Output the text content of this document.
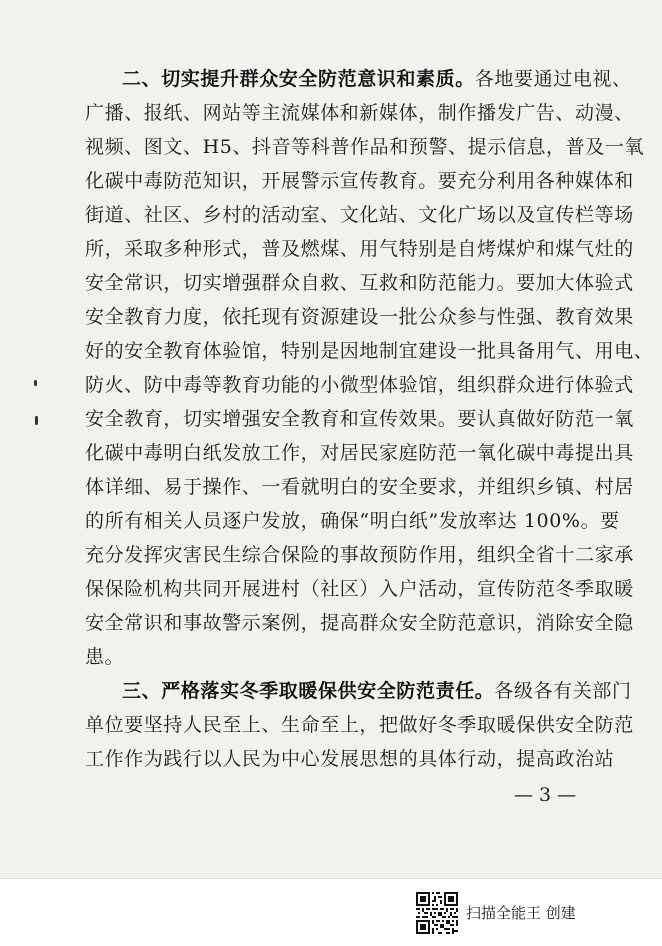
二、切实提升群众安全防范意识和素质。各地要通过电视、
广播、报纸、网站等主流媒体和新媒体，制作播发广告、动漫、
视频、图文、H5、抖音等科普作品和预警、提示信息，普及一氧
化碳中毒防范知识，开展警示宣传教育。要充分利用各种媒体和
街道、社区、乡村的活动室、文化站、文化广场以及宣传栏等场
所，采取多种形式，普及燃煤、用气特别是自烤煤炉和煤气灶的
安全常识，切实增强群众自救、互救和防范能力。要加大体验式
安全教育力度，依托现有资源建设一批公众参与性强、教育效果
好的安全教育体验馆，特别是因地制宜建设一批具备用气、用电、
防火、防中毒等教育功能的小微型体验馆，组织群众进行体验式
安全教育，切实增强安全教育和宣传效果。要认真做好防范一氧
化碳中毒明白纸发放工作，对居民家庭防范一氧化碳中毒提出具
体详细、易于操作、一看就明白的安全要求，并组织乡镇、村居
的所有相关人员逐户发放，确保“明白纸”发放率达 100%。要
充分发挥灾害民生综合保险的事故预防作用，组织全省十二家承
保保险机构共同开展进村（社区）入户活动，宣传防范冬季取暖
安全常识和事故警示案例，提高群众安全防范意识，消除安全隐
患。
三、严格落实冬季取暖保供安全防范责任。各级各有关部门
单位要坚持人民至上、生命至上，把做好冬季取暖保供安全防范
工作作为践行以人民为中心发展思想的具体行动，提高政治站
— 3 —
扫描全能王 创建
